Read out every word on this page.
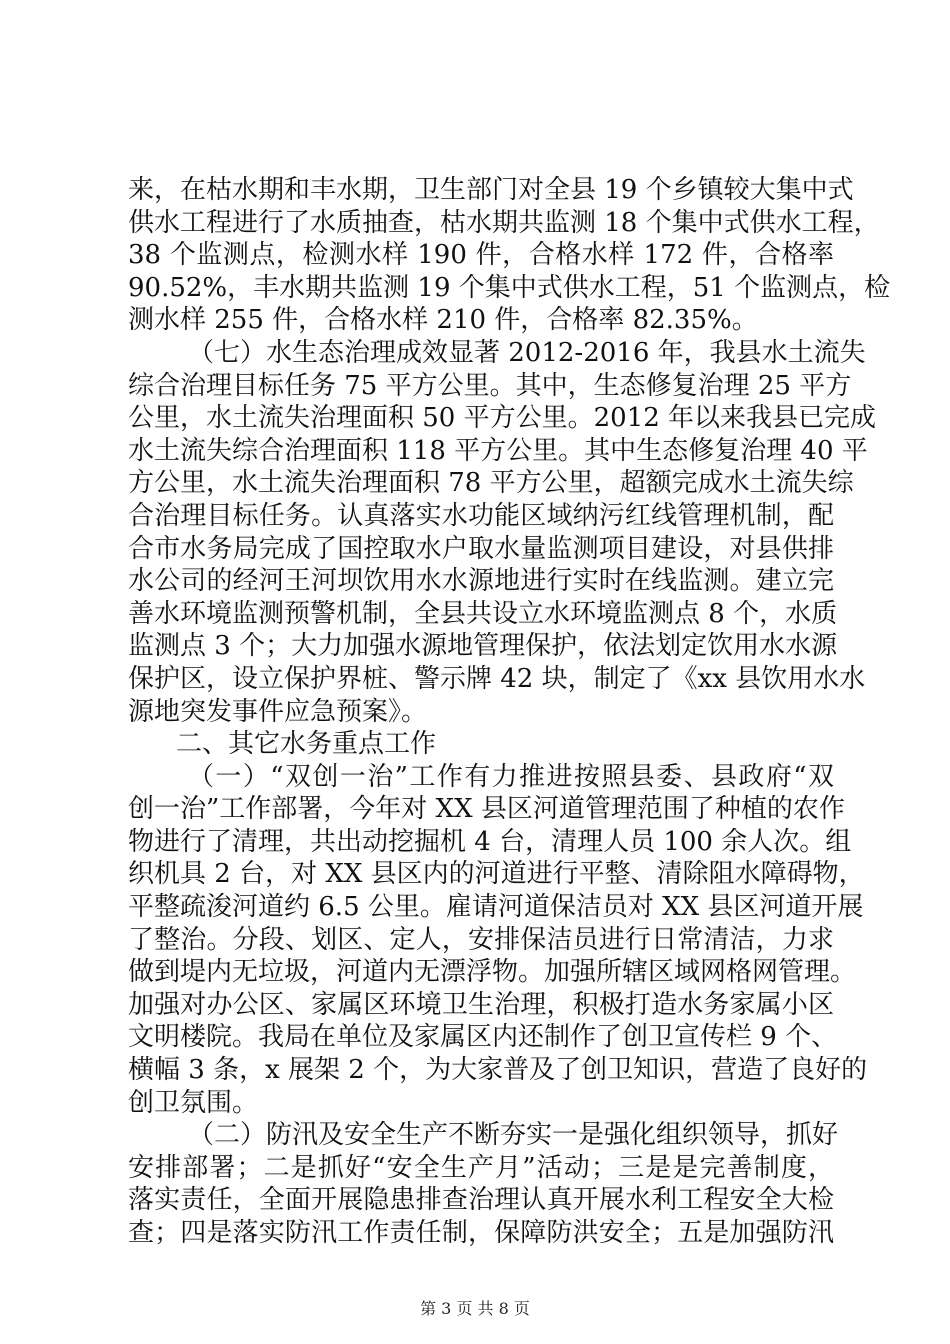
来，在枯水期和丰水期，卫生部门对全县 19 个乡镇较大集中式
供水工程进行了水质抽查，枯水期共监测 18 个集中式供水工程，
38 个监测点，检测水样 190 件，合格水样 172 件，合格率
90.52%，丰水期共监测 19 个集中式供水工程，51 个监测点，检
测水样 255 件，合格水样 210 件，合格率 82.35%。
（七）水生态治理成效显著 2012-2016 年，我县水土流失
综合治理目标任务 75 平方公里。其中，生态修复治理 25 平方
公里，水土流失治理面积 50 平方公里。2012 年以来我县已完成
水土流失综合治理面积 118 平方公里。其中生态修复治理 40 平
方公里，水土流失治理面积 78 平方公里，超额完成水土流失综
合治理目标任务。认真落实水功能区域纳污红线管理机制，配
合市水务局完成了国控取水户取水量监测项目建设，对县供排
水公司的经河王河坝饮用水水源地进行实时在线监测。建立完
善水环境监测预警机制，全县共设立水环境监测点 8 个，水质
监测点 3 个；大力加强水源地管理保护，依法划定饮用水水源
保护区，设立保护界桩、警示牌 42 块，制定了《xx 县饮用水水
源地突发事件应急预案》。
二、其它水务重点工作
（一）“双创一治”工作有力推进按照县委、县政府“双
创一治”工作部署，今年对 XX 县区河道管理范围了种植的农作
物进行了清理，共出动挖掘机 4 台，清理人员 100 余人次。组
织机具 2 台，对 XX 县区内的河道进行平整、清除阻水障碍物，
平整疏浚河道约 6.5 公里。雇请河道保洁员对 XX 县区河道开展
了整治。分段、划区、定人，安排保洁员进行日常清洁，力求
做到堤内无垃圾，河道内无漂浮物。加强所辖区域网格网管理。
加强对办公区、家属区环境卫生治理，积极打造水务家属小区
文明楼院。我局在单位及家属区内还制作了创卫宣传栏 9 个、
横幅 3 条，x 展架 2 个，为大家普及了创卫知识，营造了良好的
创卫氛围。
（二）防汛及安全生产不断夯实一是强化组织领导，抓好
安排部署；二是抓好“安全生产月”活动；三是是完善制度，
落实责任，全面开展隐患排查治理认真开展水利工程安全大检
查；四是落实防汛工作责任制，保障防洪安全；五是加强防汛
第 3 页 共 8 页
